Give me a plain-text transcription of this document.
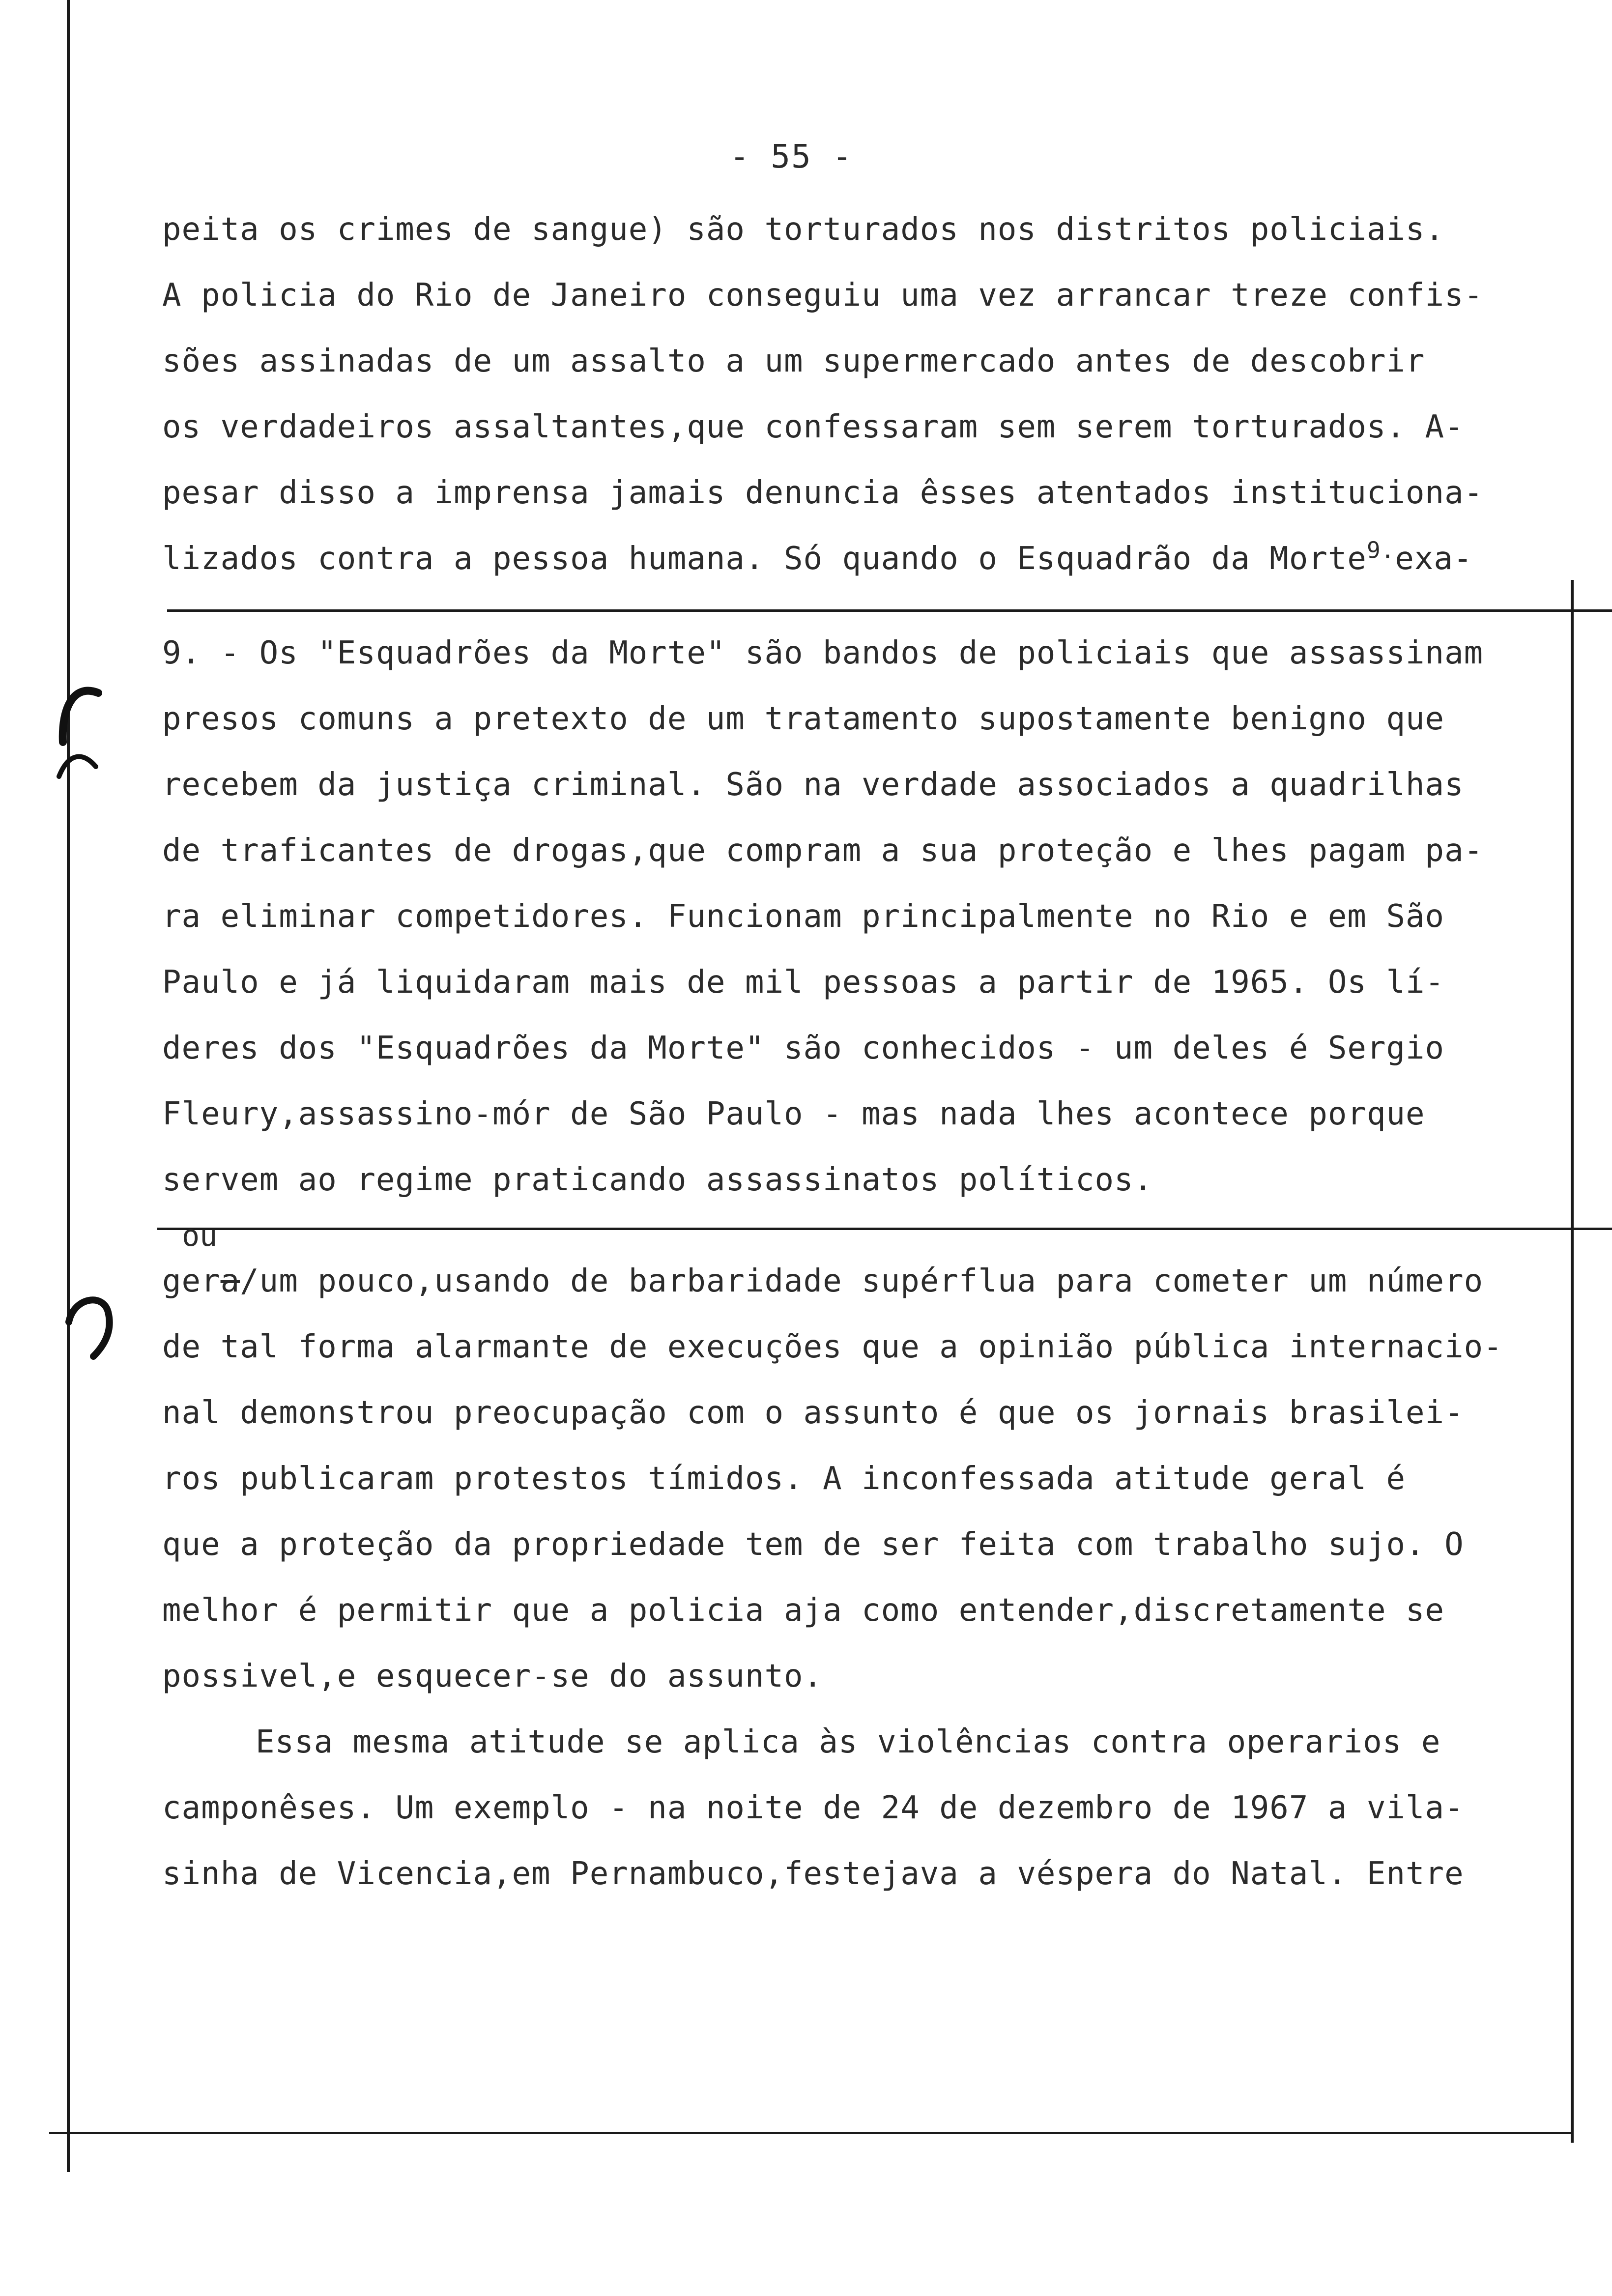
- 55 -
peita os crimes de sangue) são torturados nos distritos policiais.
A policia do Rio de Janeiro conseguiu uma vez arrancar treze confis-
sões assinadas de um assalto a um supermercado antes de descobrir
os verdadeiros assaltantes,que confessaram sem serem torturados. A-
pesar disso a imprensa jamais denuncia êsses atentados instituciona-
lizados contra a pessoa humana. Só quando o Esquadrão da Morte$^{9.}$exa-
9. - Os "Esquadrões da Morte" são bandos de policiais que assassinam
presos comuns a pretexto de um tratamento supostamente benigno que
recebem da justiça criminal. São na verdade associados a quadrilhas
de traficantes de drogas,que compram a sua proteção e lhes pagam pa-
ra eliminar competidores. Funcionam principalmente no Rio e em São
Paulo e já liquidaram mais de mil pessoas a partir de 1965. Os lí-
deres dos "Esquadrões da Morte" são conhecidos - um deles é Sergio
Fleury,assassino-mór de São Paulo - mas nada lhes acontece porque
servem ao regime praticando assassinatos políticos.
ou
gera/um pouco,usando de barbaridade supérflua para cometer um número
de tal forma alarmante de execuções que a opinião pública internacio-
nal demonstrou preocupação com o assunto é que os jornais brasilei-
ros publicaram protestos tímidos. A inconfessada atitude geral é
que a proteção da propriedade tem de ser feita com trabalho sujo. O
melhor é permitir que a policia aja como entender,discretamente se
possivel,e esquecer-se do assunto.
Essa mesma atitude se aplica às violências contra operarios e
camponêses. Um exemplo - na noite de 24 de dezembro de 1967 a vila-
sinha de Vicencia,em Pernambuco,festejava a véspera do Natal. Entre
